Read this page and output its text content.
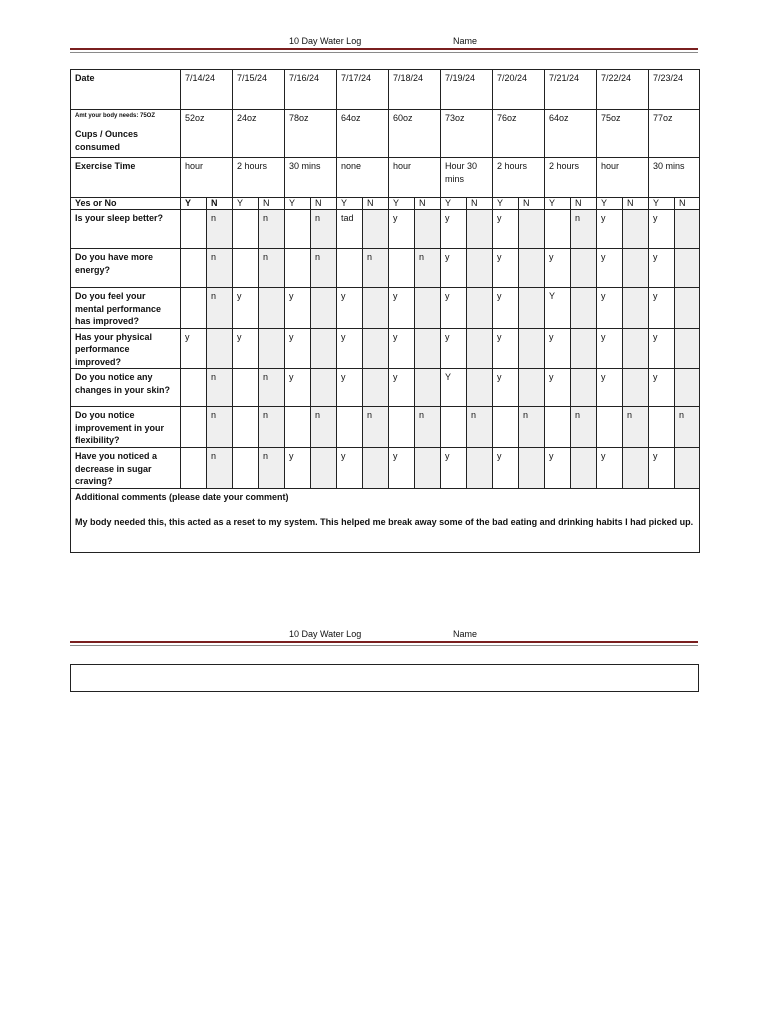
10 Day Water Log	Name
Date	7/14/24		7/15/24		7/16/24		7/17/24		7/18/24		7/19/24		7/20/24		7/21/24		7/22/24		7/23/24	

Amt your body needs: 75OZ
Cups / Ounces consumed	52oz		24oz		78oz		64oz		60oz		73oz		76oz		64oz		75oz		77oz	
Exercise Time	hour		2 hours		30 mins		none		hour		Hour 30 mins		2 hours		2 hours		hour		30 mins	
Yes or No	Y	N	Y	N	Y	N	Y	N	Y	N	Y	N	Y	N	Y	N	Y	N	Y	N
Is your sleep better?		n		n		n	tad		y		y		y			n	y		y	
Do you have more energy?		n		n		n		n		n	y		y		y		y		y	
Do you feel your mental performance has improved?		n	y		y		y		y		y		y		Y		y		y	
Has your physical performance improved?	y		y		y		y		y		y		y		y		y		y	
Do you notice any changes in your skin?		n		n	y		y		y		Y		y		y		y		y	
Do you notice improvement in your flexibility?		n		n		n		n		n		n		n		n		n		n
Have you noticed a decrease in sugar craving?		n		n	y		y		y		y		y		y		y		y	

Additional comments (please date your comment)

My body needed this, this acted as a reset to my system. This helped me break away some of the bad eating and drinking habits I had picked up.																				

10 Day Water Log	Name
